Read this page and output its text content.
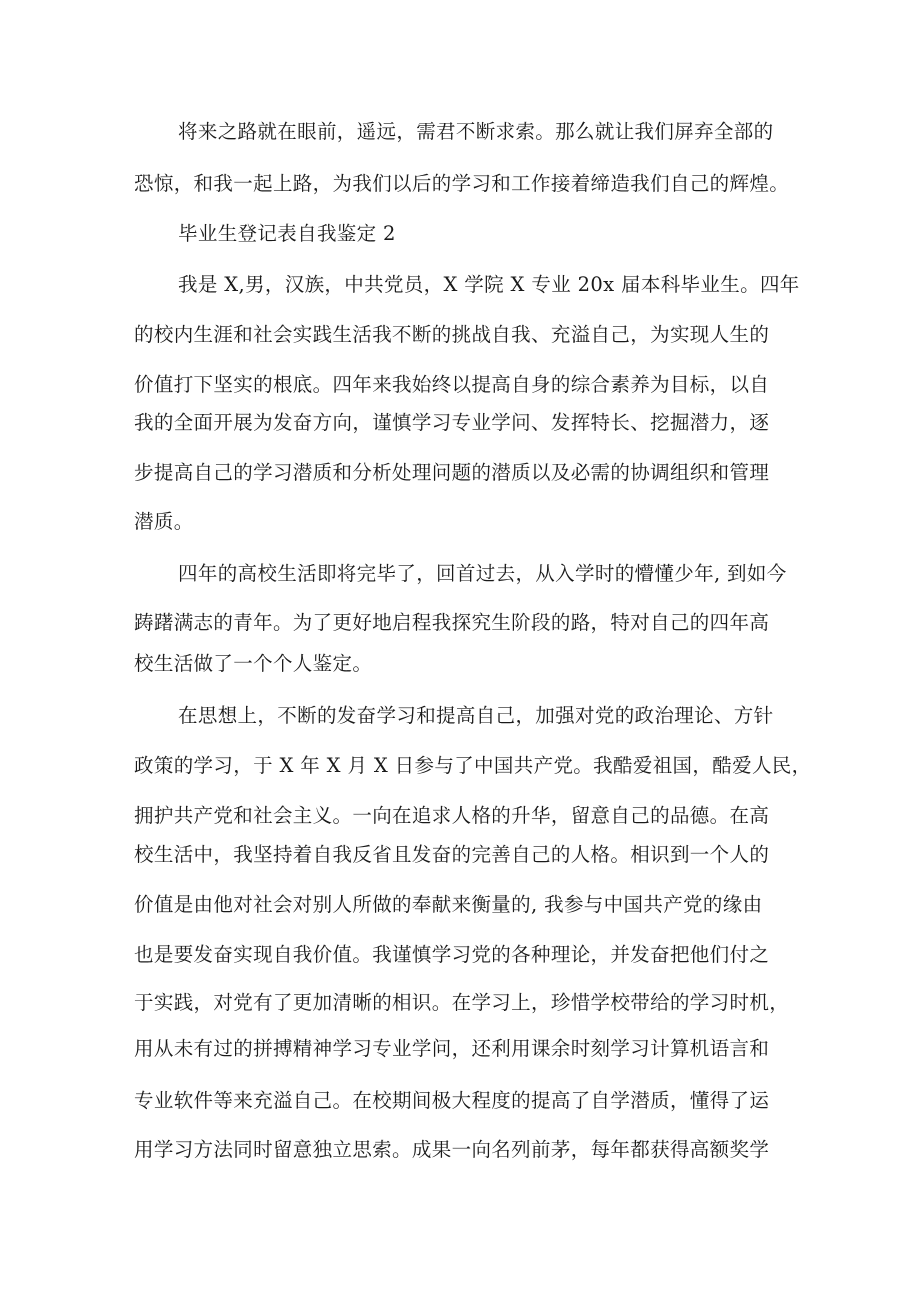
将来之路就在眼前，遥远，需君不断求索。那么就让我们屏弃全部的
恐惊，和我一起上路，为我们以后的学习和工作接着缔造我们自己的辉煌。
毕业生登记表自我鉴定 2
我是 X,男，汉族，中共党员，X 学院 X 专业 20x 届本科毕业生。四年
的校内生涯和社会实践生活我不断的挑战自我、充溢自己，为实现人生的
价值打下坚实的根底。四年来我始终以提高自身的综合素养为目标，以自
我的全面开展为发奋方向，谨慎学习专业学问、发挥特长、挖掘潜力，逐
步提高自己的学习潜质和分析处理问题的潜质以及必需的协调组织和管理
潜质。
四年的高校生活即将完毕了，回首过去，从入学时的懵懂少年, 到如今
踌躇满志的青年。为了更好地启程我探究生阶段的路，特对自己的四年高
校生活做了一个个人鉴定。
在思想上，不断的发奋学习和提高自己，加强对党的政治理论、方针
政策的学习，于 X 年 X 月 X 日参与了中国共产党。我酷爱祖国，酷爱人民，
拥护共产党和社会主义。一向在追求人格的升华，留意自己的品德。在高
校生活中，我坚持着自我反省且发奋的完善自己的人格。相识到一个人的
价值是由他对社会对别人所做的奉献来衡量的, 我参与中国共产党的缘由
也是要发奋实现自我价值。我谨慎学习党的各种理论，并发奋把他们付之
于实践，对党有了更加清晰的相识。在学习上，珍惜学校带给的学习时机，
用从未有过的拼搏精神学习专业学问，还利用课余时刻学习计算机语言和
专业软件等来充溢自己。在校期间极大程度的提高了自学潜质，懂得了运
用学习方法同时留意独立思索。成果一向名列前茅，每年都获得高额奖学
